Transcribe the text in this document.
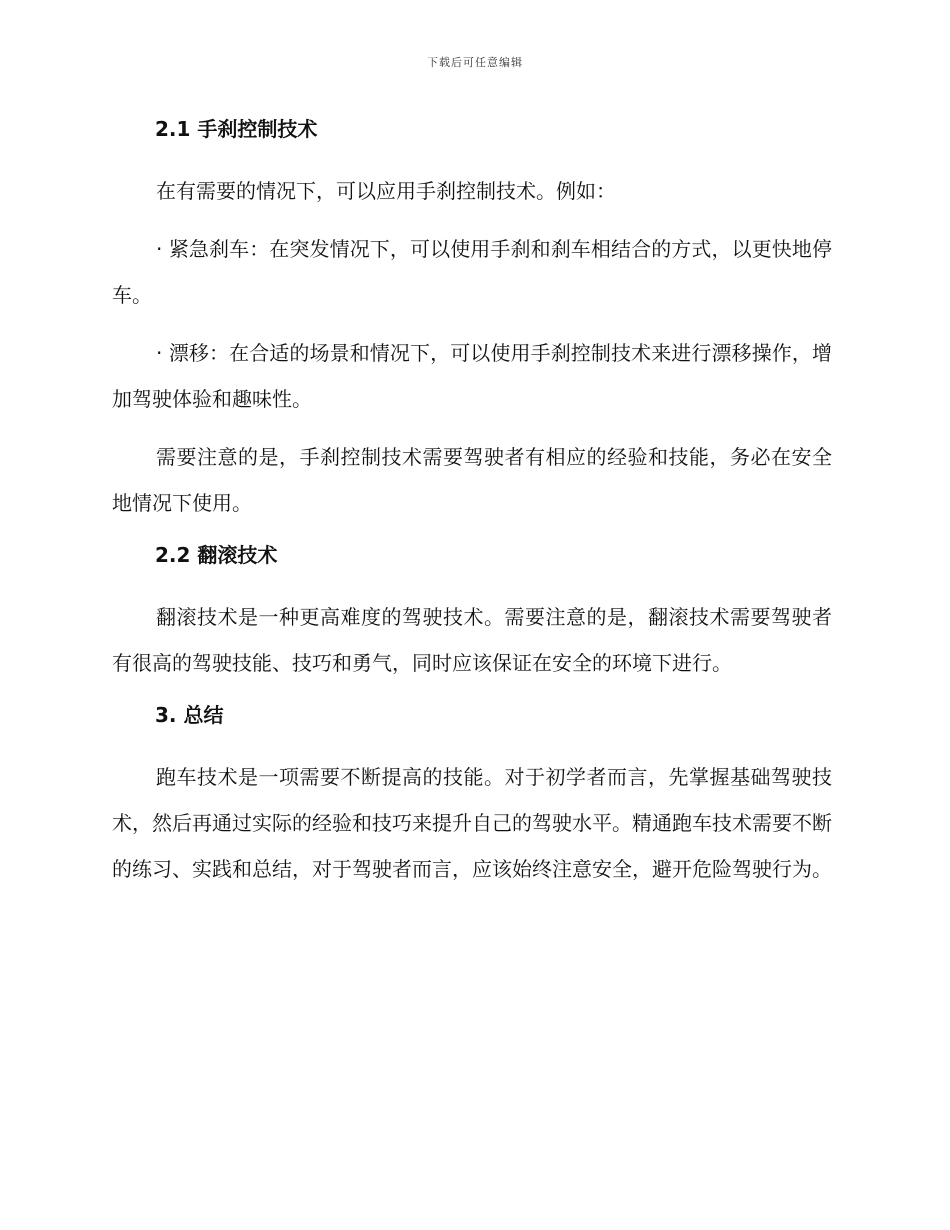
下载后可任意编辑
2.1 手刹控制技术

在有需要的情况下，可以应用手刹控制技术。例如：

· 紧急刹车：在突发情况下，可以使用手刹和刹车相结合的方式，以更快地停车。

· 漂移：在合适的场景和情况下，可以使用手刹控制技术来进行漂移操作，增加驾驶体验和趣味性。

需要注意的是，手刹控制技术需要驾驶者有相应的经验和技能，务必在安全地情况下使用。

2.2 翻滚技术

翻滚技术是一种更高难度的驾驶技术。需要注意的是，翻滚技术需要驾驶者有很高的驾驶技能、技巧和勇气，同时应该保证在安全的环境下进行。

3. 总结

跑车技术是一项需要不断提高的技能。对于初学者而言，先掌握基础驾驶技术，然后再通过实际的经验和技巧来提升自己的驾驶水平。精通跑车技术需要不断的练习、实践和总结，对于驾驶者而言，应该始终注意安全，避开危险驾驶行为。
